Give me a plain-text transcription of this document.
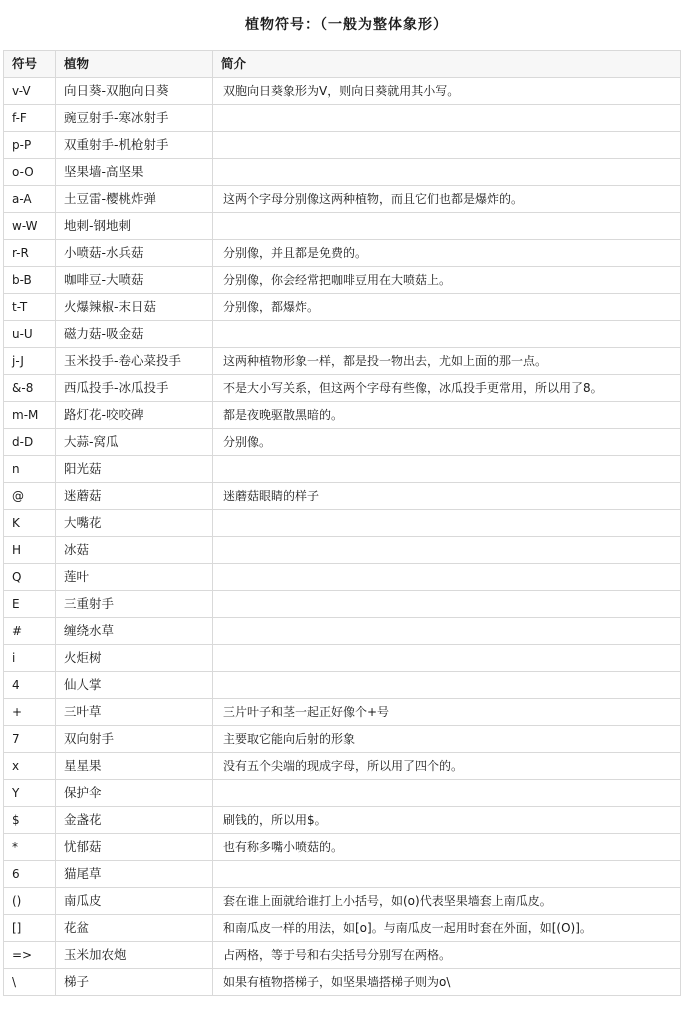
植物符号：（一般为整体象形）
符号	植物	简介
v-V	向日葵-双胞向日葵	双胞向日葵象形为V，则向日葵就用其小写。
f-F	豌豆射手-寒冰射手	
p-P	双重射手-机枪射手	
o-O	坚果墙-高坚果	
a-A	土豆雷-樱桃炸弹	这两个字母分别像这两种植物，而且它们也都是爆炸的。
w-W	地刺-钢地刺	
r-R	小喷菇-水兵菇	分别像，并且都是免费的。
b-B	咖啡豆-大喷菇	分别像，你会经常把咖啡豆用在大喷菇上。
t-T	火爆辣椒-末日菇	分别像，都爆炸。
u-U	磁力菇-吸金菇	
j-J	玉米投手-卷心菜投手	这两种植物形象一样，都是投一物出去，尤如上面的那一点。
&-8	西瓜投手-冰瓜投手	不是大小写关系，但这两个字母有些像，冰瓜投手更常用，所以用了8。
m-M	路灯花-咬咬碑	都是夜晚驱散黑暗的。
d-D	大蒜-窝瓜	分别像。
n	阳光菇	
@	迷蘑菇	迷蘑菇眼睛的样子
K	大嘴花	
H	冰菇	
Q	莲叶	
E	三重射手	
#	缠绕水草	
i	火炬树	
4	仙人掌	
+	三叶草	三片叶子和茎一起正好像个+号
7	双向射手	主要取它能向后射的形象
x	星星果	没有五个尖端的现成字母，所以用了四个的。
Y	保护伞	
$	金盏花	刷钱的，所以用$。
*	忧郁菇	也有称多嘴小喷菇的。
6	猫尾草	
()	南瓜皮	套在谁上面就给谁打上小括号，如(o)代表坚果墙套上南瓜皮。
[]	花盆	和南瓜皮一样的用法，如[o]。与南瓜皮一起用时套在外面，如[(O)]。
=>	玉米加农炮	占两格，等于号和右尖括号分别写在两格。
\	梯子	如果有植物搭梯子，如坚果墙搭梯子则为o\
